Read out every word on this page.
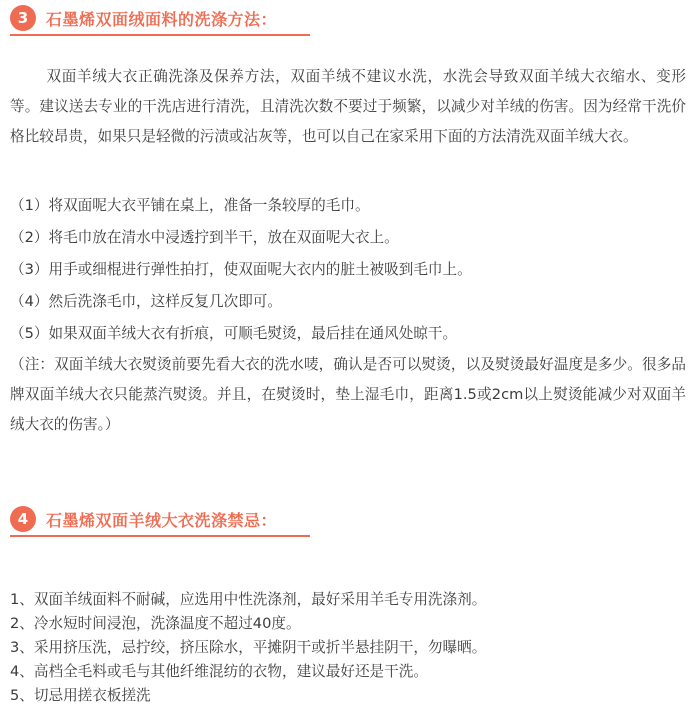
3	石墨烯双面绒面料的洗涤方法：

双面羊绒大衣正确洗涤及保养方法，双面羊绒不建议水洗，水洗会导致双面羊绒大衣缩水、变形等。建议送去专业的干洗店进行清洗，且清洗次数不要过于频繁，以减少对羊绒的伤害。因为经常干洗价格比较昂贵，如果只是轻微的污渍或沾灰等，也可以自己在家采用下面的方法清洗双面羊绒大衣。

（1）将双面呢大衣平铺在桌上，准备一条较厚的毛巾。
（2）将毛巾放在清水中浸透拧到半干，放在双面呢大衣上。
（3）用手或细棍进行弹性拍打，使双面呢大衣内的脏土被吸到毛巾上。
（4）然后洗涤毛巾，这样反复几次即可。
（5）如果双面羊绒大衣有折痕，可顺毛熨烫，最后挂在通风处晾干。

（注：双面羊绒大衣熨烫前要先看大衣的洗水唛，确认是否可以熨烫，以及熨烫最好温度是多少。很多品牌双面羊绒大衣只能蒸汽熨烫。并且，在熨烫时，垫上湿毛巾，距离1.5或2cm以上熨烫能减少对双面羊绒大衣的伤害。）

4	石墨烯双面羊绒大衣洗涤禁忌：
1、双面羊绒面料不耐碱，应选用中性洗涤剂，最好采用羊毛专用洗涤剂。
2、冷水短时间浸泡，洗涤温度不超过40度。
3、采用挤压洗，忌拧绞，挤压除水，平摊阴干或折半悬挂阴干，勿曝晒。
4、高档全毛料或毛与其他纤维混纺的衣物，建议最好还是干洗。
5、切忌用搓衣板搓洗
